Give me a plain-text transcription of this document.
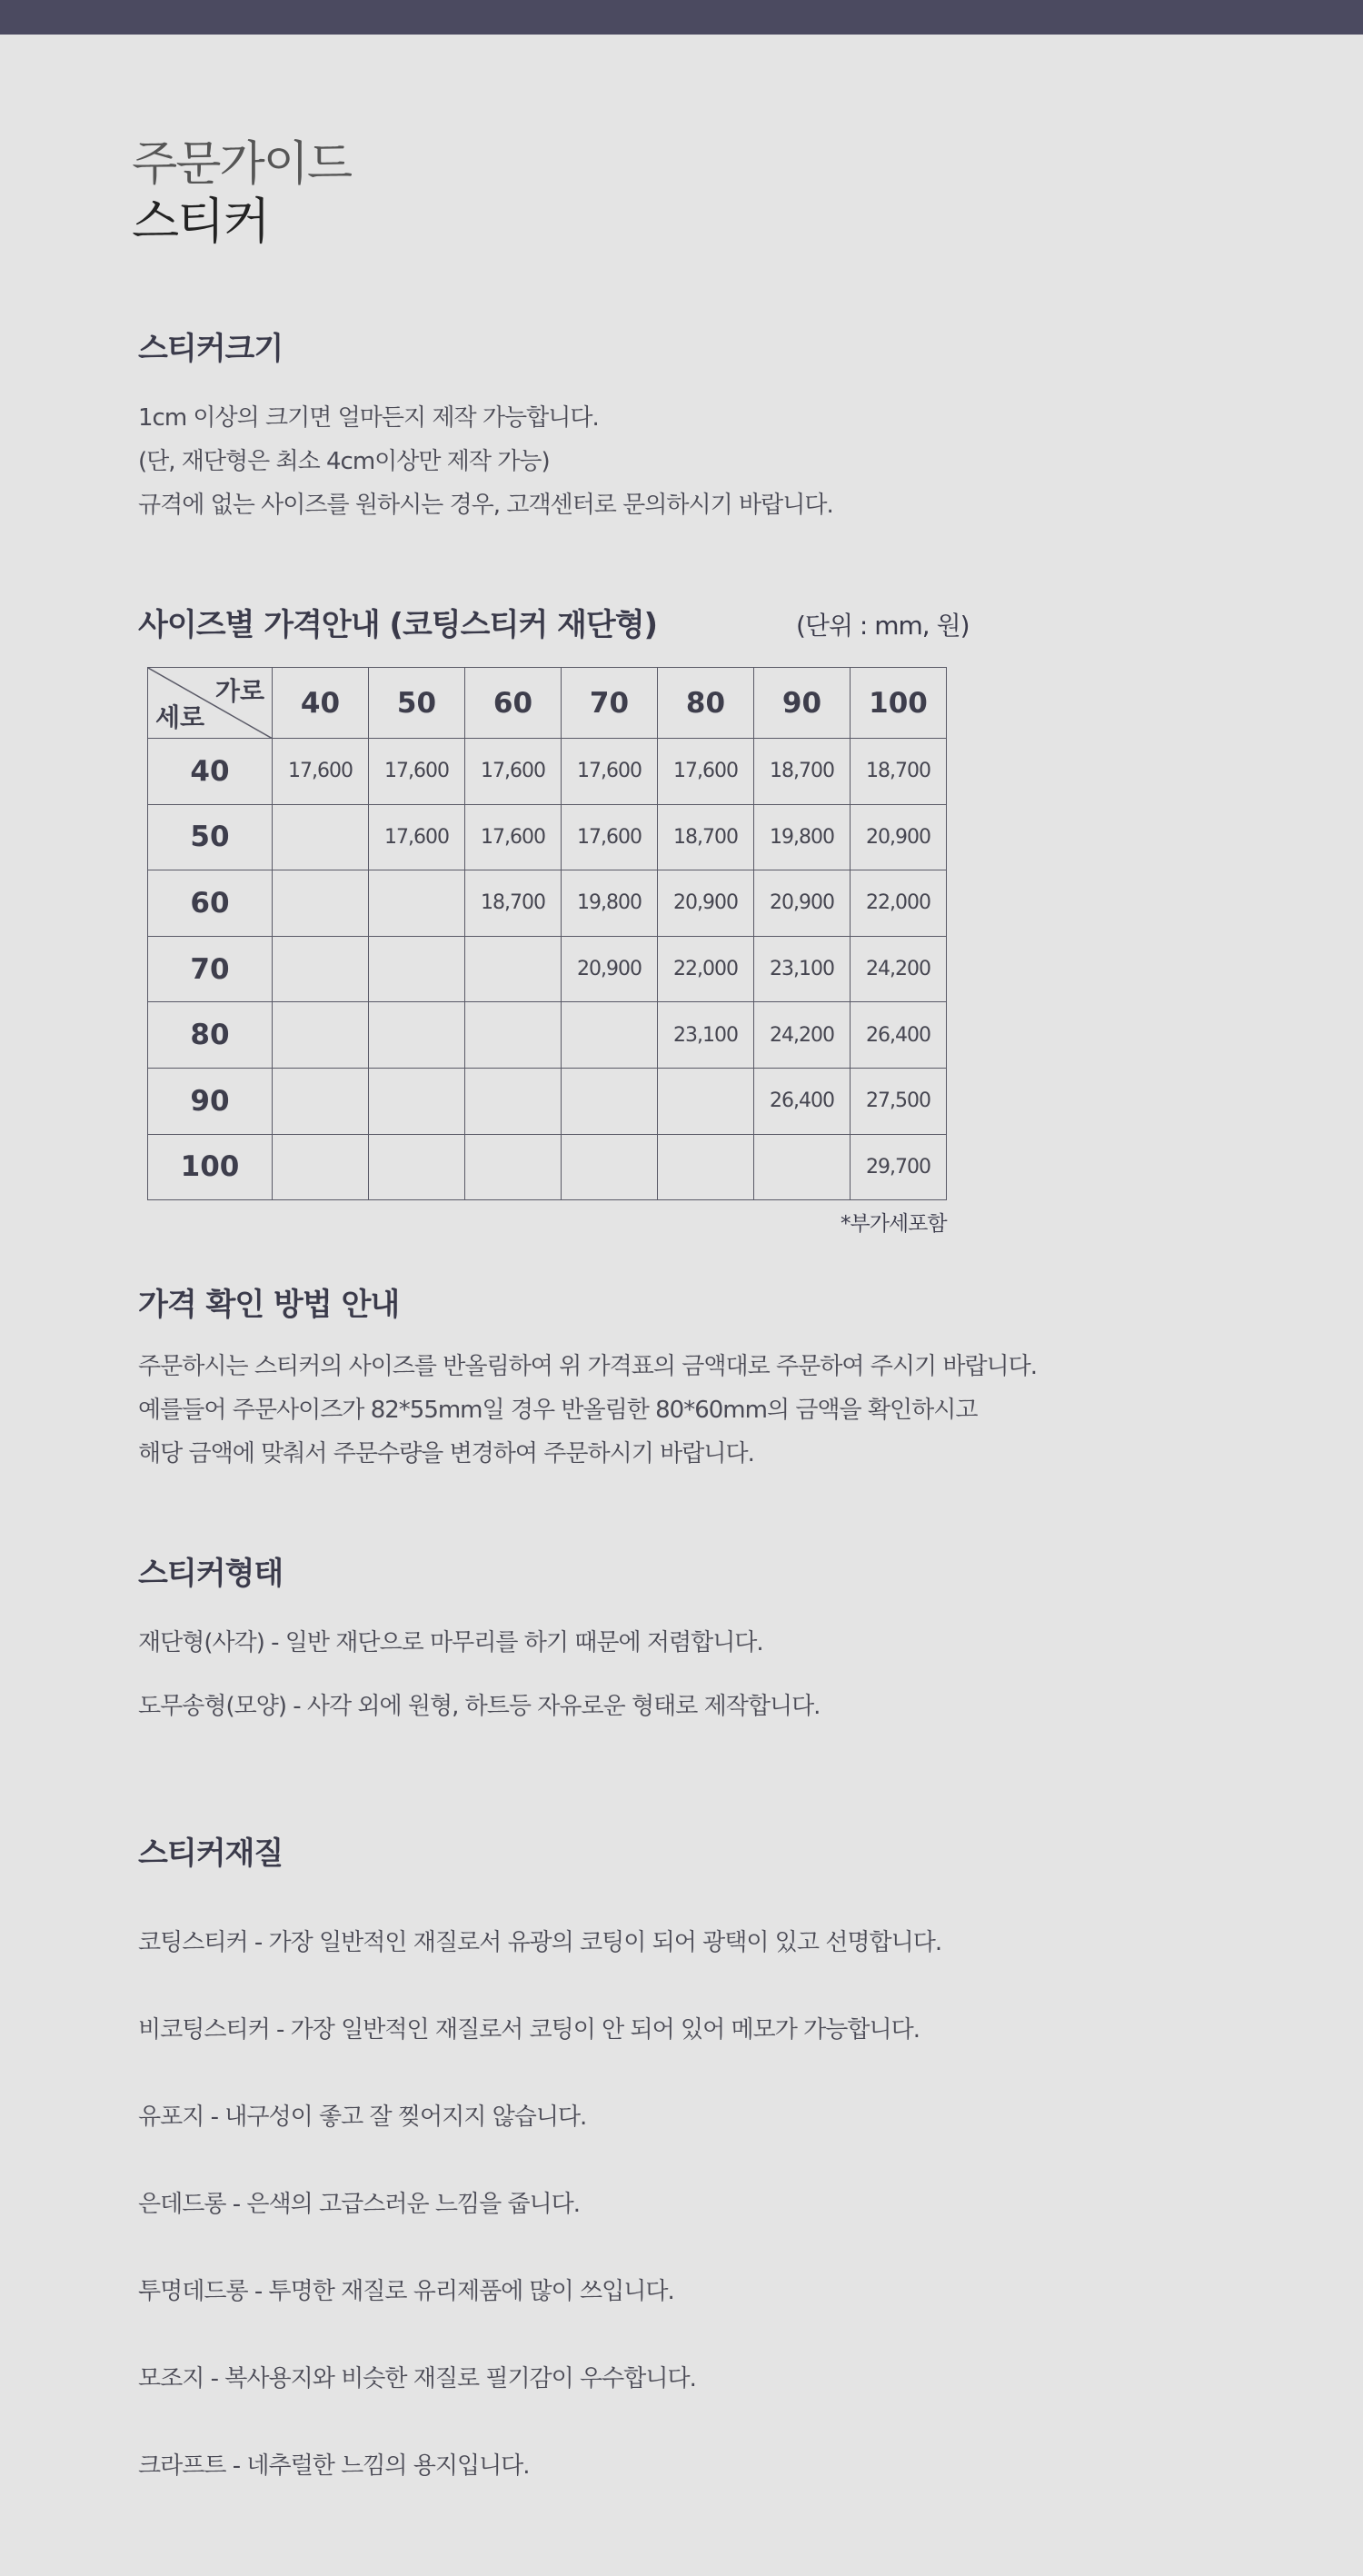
주문가이드
스티커
스티커크기
1cm 이상의 크기면 얼마든지 제작 가능합니다.
(단, 재단형은 최소 4cm이상만 제작 가능)
규격에 없는 사이즈를 원하시는 경우, 고객센터로 문의하시기 바랍니다.
사이즈별 가격안내 (코팅스티커 재단형)	(단위 : mm, 원)
가로
세로	40	50	60	70	80	90	100
40	17,600	17,600	17,600	17,600	17,600	18,700	18,700
50		17,600	17,600	17,600	18,700	19,800	20,900
60			18,700	19,800	20,900	20,900	22,000
70				20,900	22,000	23,100	24,200
80					23,100	24,200	26,400
90						26,400	27,500
100							29,700
*부가세포함
가격 확인 방법 안내
주문하시는 스티커의 사이즈를 반올림하여 위 가격표의 금액대로 주문하여 주시기 바랍니다.
예를들어 주문사이즈가 82*55mm일 경우 반올림한 80*60mm의 금액을 확인하시고
해당 금액에 맞춰서 주문수량을 변경하여 주문하시기 바랍니다.
스티커형태
재단형(사각) - 일반 재단으로 마무리를 하기 때문에 저렴합니다.
도무송형(모양) - 사각 외에 원형, 하트등 자유로운 형태로 제작합니다.
스티커재질
코팅스티커 - 가장 일반적인 재질로서 유광의 코팅이 되어 광택이 있고 선명합니다.
비코팅스티커 - 가장 일반적인 재질로서 코팅이 안 되어 있어 메모가 가능합니다.
유포지 - 내구성이 좋고 잘 찢어지지 않습니다.
은데드롱 - 은색의 고급스러운 느낌을 줍니다.
투명데드롱 - 투명한 재질로 유리제품에 많이 쓰입니다.
모조지 - 복사용지와 비슷한 재질로 필기감이 우수합니다.
크라프트 - 네추럴한 느낌의 용지입니다.
